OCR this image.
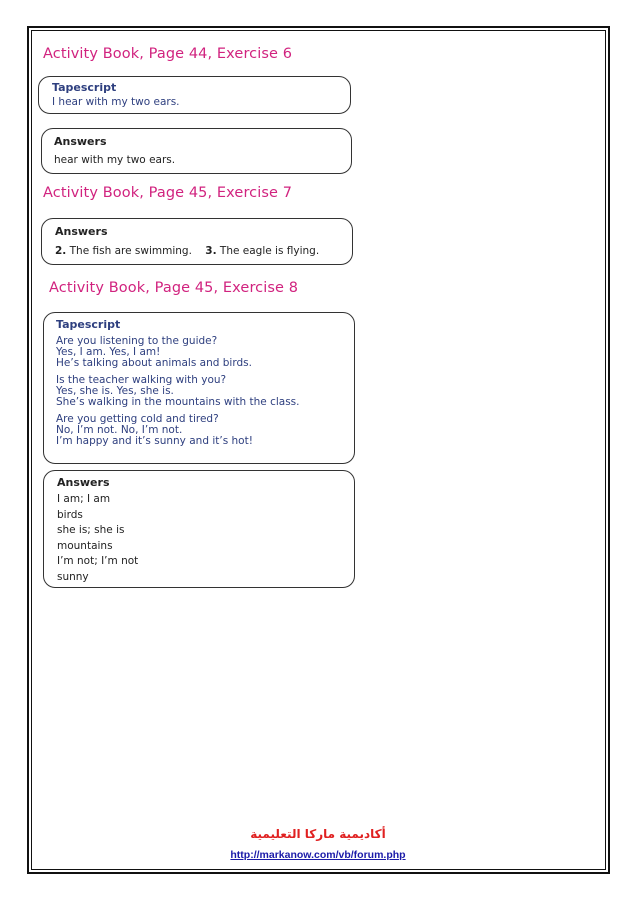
Activity Book, Page 44, Exercise 6
Tapescript
I hear with my two ears.
Answers
hear with my two ears.
Activity Book, Page 45, Exercise 7
Answers
2. The fish are swimming. 3. The eagle is flying.
Activity Book, Page 45, Exercise 8
Tapescript
Are you listening to the guide?
Yes, I am. Yes, I am!
He’s talking about animals and birds.
Is the teacher walking with you?
Yes, she is. Yes, she is.
She’s walking in the mountains with the class.
Are you getting cold and tired?
No, I’m not. No, I’m not.
I’m happy and it’s sunny and it’s hot!
Answers
I am; I am
birds
she is; she is
mountains
I’m not; I’m not
sunny
أكاديمية ماركا التعليمية
http://markanow.com/vb/forum.php
